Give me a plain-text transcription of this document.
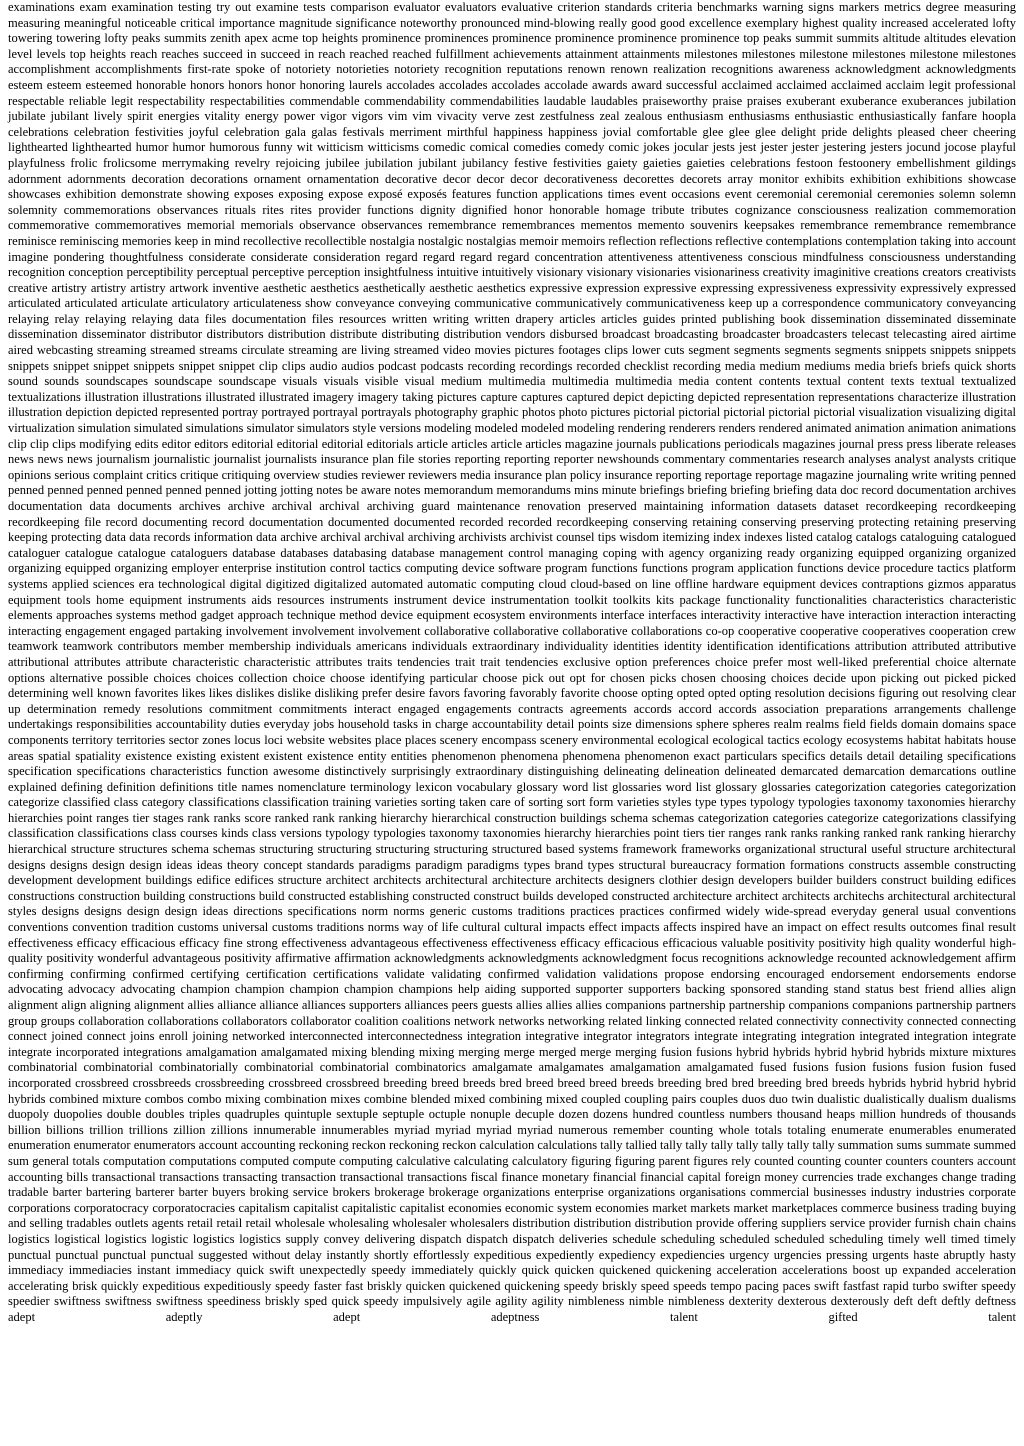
examinations exam examination testing try out examine tests comparison evaluator evaluators evaluative criterion standards criteria benchmarks warning signs markers metrics degree measuring measuring meaningful noticeable critical importance magnitude significance noteworthy pronounced mind-blowing really good good excellence exemplary highest quality increased accelerated lofty towering towering lofty peaks summits zenith apex acme top heights prominence prominences prominence prominence prominence prominence top peaks summit summits altitude altitudes elevation level levels top heights reach reaches succeed in succeed in reach reached reached fulfillment achievements attainment attainments milestones milestones milestone milestones milestone milestones accomplishment accomplishments first-rate spoke of notoriety notorieties notoriety recognition reputations renown renown realization recognitions awareness acknowledgment acknowledgments esteem esteem esteemed honorable honors honors honor honoring laurels accolades accolades accolades accolade awards award successful acclaimed acclaimed acclaimed acclaim legit professional respectable reliable legit respectability respectabilities commendable commendability commendabilities laudable laudables praiseworthy praise praises exuberant exuberance exuberances jubilation jubilate jubilant lively spirit energies vitality energy power vigor vigors vim vim vivacity verve zest zestfulness zeal zealous enthusiasm enthusiasms enthusiastic enthusiastically fanfare hoopla celebrations celebration festivities joyful celebration gala galas festivals merriment mirthful happiness happiness jovial comfortable glee glee glee delight pride delights pleased cheer cheering lighthearted lighthearted humor humor humorous funny wit witticism witticisms comedic comical comedies comedy comic jokes jocular jests jest jester jester jestering jesters jocund jocose playful playfulness frolic frolicsome merrymaking revelry rejoicing jubilee jubilation jubilant jubilancy festive festivities gaiety gaieties gaieties celebrations festoon festoonery embellishment gildings adornment adornments decoration decorations ornament ornamentation decorative decor decor decor decorativeness decorettes decorets array monitor exhibits exhibition exhibitions showcase showcases exhibition demonstrate showing exposes exposing expose exposé exposés features function applications times event occasions event ceremonial ceremonial ceremonies solemn solemn solemnity commemorations observances rituals rites rites provider functions dignity dignified honor honorable homage tribute tributes cognizance consciousness realization commemoration commemorative commemoratives memorial memorials observance observances remembrance remembrances mementos memento souvenirs keepsakes remembrance remembrance remembrance reminisce reminiscing memories keep in mind recollective recollectible nostalgia nostalgic nostalgias memoir memoirs reflection reflections reflective contemplations contemplation taking into account imagine pondering thoughtfulness considerate considerate consideration regard regard regard regard concentration attentiveness attentiveness conscious mindfulness consciousness understanding recognition conception perceptibility perceptual perceptive perception insightfulness intuitive intuitively visionary visionary visionaries visionariness creativity imaginitive creations creators creativists creative artistry artistry artistry artwork inventive aesthetic aesthetics aesthetically aesthetic aesthetics expressive expression expressive expressing expressiveness expressivity expressively expressed articulated articulated articulate articulatory articulateness show conveyance conveying communicative communicatively communicativeness keep up a correspondence communicatory conveyancing relaying relay relaying relaying data files documentation files resources written writing written drapery articles articles guides printed publishing book dissemination disseminated disseminate dissemination disseminator distributor distributors distribution distribute distributing distribution vendors disbursed broadcast broadcasting broadcaster broadcasters telecast telecasting aired airtime aired webcasting streaming streamed streams circulate streaming are living streamed video movies pictures footages clips lower cuts segment segments segments segments snippets snippets snippets snippets snippet snippet snippets snippet snippet clip clips audio audios podcast podcasts recording recordings recorded checklist recording media medium mediums media briefs briefs quick shorts sound sounds soundscapes soundscape soundscape visuals visuals visible visual medium multimedia multimedia multimedia media content contents textual content texts textual textualized textualizations illustration illustrations illustrated illustrated imagery imagery taking pictures capture captures captured depict depicting depicted representation representations characterize illustration illustration depiction depicted represented portray portrayed portrayal portrayals photography graphic photos photo pictures pictorial pictorial pictorial pictorial pictorial visualization visualizing digital virtualization simulation simulated simulations simulator simulators style versions modeling modeled modeled modeling rendering renderers renders rendered animated animation animation animations clip clip clips modifying edits editor editors editorial editorial editorial editorials article articles article articles magazine journals publications periodicals magazines journal press press liberate releases news news news journalism journalistic journalist journalists insurance plan file stories reporting reporting reporter newshounds commentary commentaries research analyses analyst analysts critique opinions serious complaint critics critique critiquing overview studies reviewer reviewers media insurance plan policy insurance reporting reportage reportage magazine journaling write writing penned penned penned penned penned penned penned jotting jotting notes be aware notes memorandum memorandums mins minute briefings briefing briefing briefing data doc record documentation archives documentation data documents archives archive archival archival archiving guard maintenance renovation preserved maintaining information datasets dataset recordkeeping recordkeeping recordkeeping file record documenting record documentation documented documented recorded recorded recordkeeping conserving retaining conserving preserving protecting retaining preserving keeping protecting data data records information data archive archival archival archiving archivists archivist counsel tips wisdom itemizing index indexes listed catalog catalogs cataloguing catalogued cataloguer catalogue catalogue cataloguers database databases databasing database management control managing coping with agency organizing ready organizing equipped organizing organized organizing equipped organizing employer enterprise institution control tactics computing device software program functions functions program application functions device procedure tactics platform systems applied sciences era technological digital digitized digitalized automated automatic computing cloud cloud-based on line offline hardware equipment devices contraptions gizmos apparatus equipment tools home equipment instruments aids resources instruments instrument device instrumentation toolkit toolkits kits package functionality functionalities characteristics characteristic elements approaches systems method gadget approach technique method device equipment ecosystem environments interface interfaces interactivity interactive have interaction interaction interacting interacting engagement engaged partaking involvement involvement involvement collaborative collaborative collaborative collaborations co-op cooperative cooperative cooperatives cooperation crew teamwork teamwork contributors member membership individuals americans individuals extraordinary individuality identities identity identification identifications attribution attributed attributive attributional attributes attribute characteristic characteristic attributes traits tendencies trait trait tendencies exclusive option preferences choice prefer most well-liked preferential choice alternate options alternative possible choices choices collection choice choose identifying particular choose pick out opt for chosen picks chosen choosing choices decide upon picking out picked picked determining well known favorites likes likes dislikes dislike disliking prefer desire favors favoring favorably favorite choose opting opted opted opting resolution decisions figuring out resolving clear up determination remedy resolutions commitment commitments interact engaged engagements contracts agreements accords accord accords association preparations arrangements challenge undertakings responsibilities accountability duties everyday jobs household tasks in charge accountability detail points size dimensions sphere spheres realm realms field fields domain domains space components territory territories sector zones locus loci website websites place places scenery encompass scenery environmental ecological ecological tactics ecology ecosystems habitat habitats house areas spatial spatiality existence existing existent existent existence entity entities phenomenon phenomena phenomena phenomenon exact particulars specifics details detail detailing specifications specification specifications characteristics function awesome distinctively surprisingly extraordinary distinguishing delineating delineation delineated demarcated demarcation demarcations outline explained defining definition definitions title names nomenclature terminology lexicon vocabulary glossary word list glossaries word list glossary glossaries categorization categories categorization categorize classified class category classifications classification training varieties sorting taken care of sorting sort form varieties styles type types typology typologies taxonomy taxonomies hierarchy hierarchies point ranges tier stages rank ranks score ranked rank ranking hierarchy hierarchical construction buildings schema schemas categorization categories categorize categorizations classifying classification classifications class courses kinds class versions typology typologies taxonomy taxonomies hierarchy hierarchies point tiers tier ranges rank ranks ranking ranked rank ranking hierarchy hierarchical structure structures schema schemas structuring structuring structuring structuring structured based systems framework frameworks organizational structural useful structure architectural designs designs design design ideas ideas theory concept standards paradigms paradigm paradigms types brand types structural bureaucracy formation formations constructs assemble constructing development development buildings edifice edifices structure architect architects architectural architecture architects designers clothier design developers builder builders construct building edifices constructions construction building constructions build constructed establishing constructed construct builds developed constructed architecture architect architects architechs architectural architectural styles designs designs design design ideas directions specifications norm norms generic customs traditions practices practices confirmed widely wide-spread everyday general usual conventions conventions convention tradition customs universal customs traditions norms way of life cultural cultural impacts effect impacts affects inspired have an impact on effect results outcomes final result effectiveness efficacy efficacious efficacy fine strong effectiveness advantageous effectiveness effectiveness efficacy efficacious efficacious valuable positivity positivity high quality wonderful high-quality positivity wonderful advantageous positivity affirmative affirmation acknowledgments acknowledgments acknowledgment focus recognitions acknowledge recounted acknowledgement affirm confirming confirming confirmed certifying certification certifications validate validating confirmed validation validations propose endorsing encouraged endorsement endorsements endorse advocating advocacy advocating champion champion champion champion champions help aiding supported supporter supporters backing sponsored standing stand status best friend allies align alignment align aligning alignment allies alliance alliance alliances supporters alliances peers guests allies allies allies companions partnership partnership companions companions partnership partners group groups collaboration collaborations collaborators collaborator coalition coalitions network networks networking related linking connected related connectivity connectivity connected connecting connect joined connect joins enroll joining networked interconnected interconnectedness integration integrative integrator integrators integrate integrating integration integrated integration integrate integrate incorporated integrations amalgamation amalgamated mixing blending mixing merging merge merged merge merging fusion fusions hybrid hybrids hybrid hybrid hybrids mixture mixtures combinatorial combinatorial combinatorially combinatorial combinatorial combinatorics amalgamate amalgamates amalgamation amalgamated fused fusions fusion fusions fusion fusion fused incorporated crossbreed crossbreeds crossbreeding crossbreed crossbreed breeding breed breeds bred breed breed breed breeds breeding bred bred breeding bred breeds hybrids hybrid hybrid hybrid hybrids combined mixture combos combo mixing combination mixes combine blended mixed combining mixed coupled coupling pairs couples duos duo twin dualistic dualistically dualism dualisms duopoly duopolies double doubles triples quadruples quintuple sextuple septuple octuple nonuple decuple dozen dozens hundred countless numbers thousand heaps million hundreds of thousands billion billions trillion trillions zillion zillions innumerable innumerables myriad myriad myriad myriad numerous remember counting whole totals totaling enumerate enumerables enumerated enumeration enumerator enumerators account accounting reckoning reckon reckoning reckon calculation calculations tally tallied tally tally tally tally tally tally tally summation sums summate summed sum general totals computation computations computed compute computing calculative calculating calculatory figuring figuring parent figures rely counted counting counter counters counters account accounting bills transactional transactions transacting transaction transactional transactions fiscal finance monetary financial financial capital foreign money currencies trade exchanges change trading tradable barter bartering barterer barter buyers broking service brokers brokerage brokerage organizations enterprise organizations organisations commercial businesses industry industries corporate corporations corporatocracy corporatocracies capitalism capitalist capitalistic capitalist economies economic system economies market markets market marketplaces commerce business trading buying and selling tradables outlets agents retail retail retail wholesale wholesaling wholesaler wholesalers distribution distribution distribution provide offering suppliers service provider furnish chain chains logistics logistical logistics logistic logistics logistics supply convey delivering dispatch dispatch dispatch deliveries schedule scheduling scheduled scheduled scheduling timely well timed timely punctual punctual punctual punctual suggested without delay instantly shortly effortlessly expeditious expediently expediency expediencies urgency urgencies pressing urgents haste abruptly hasty immediacy immediacies instant immediacy quick swift unexpectedly speedy immediately quickly quick quicken quickened quickening acceleration accelerations boost up expanded acceleration accelerating brisk quickly expeditious expeditiously speedy faster fast briskly quicken quickened quickening speedy briskly speed speeds tempo pacing paces swift fastfast rapid turbo swifter speedy speedier swiftness swiftness swiftness speediness briskly sped quick speedy impulsively agile agility agility nimbleness nimble nimbleness dexterity dexterous dexterously deft deft deftly deftness adept adeptly adept adeptness talent gifted talent
